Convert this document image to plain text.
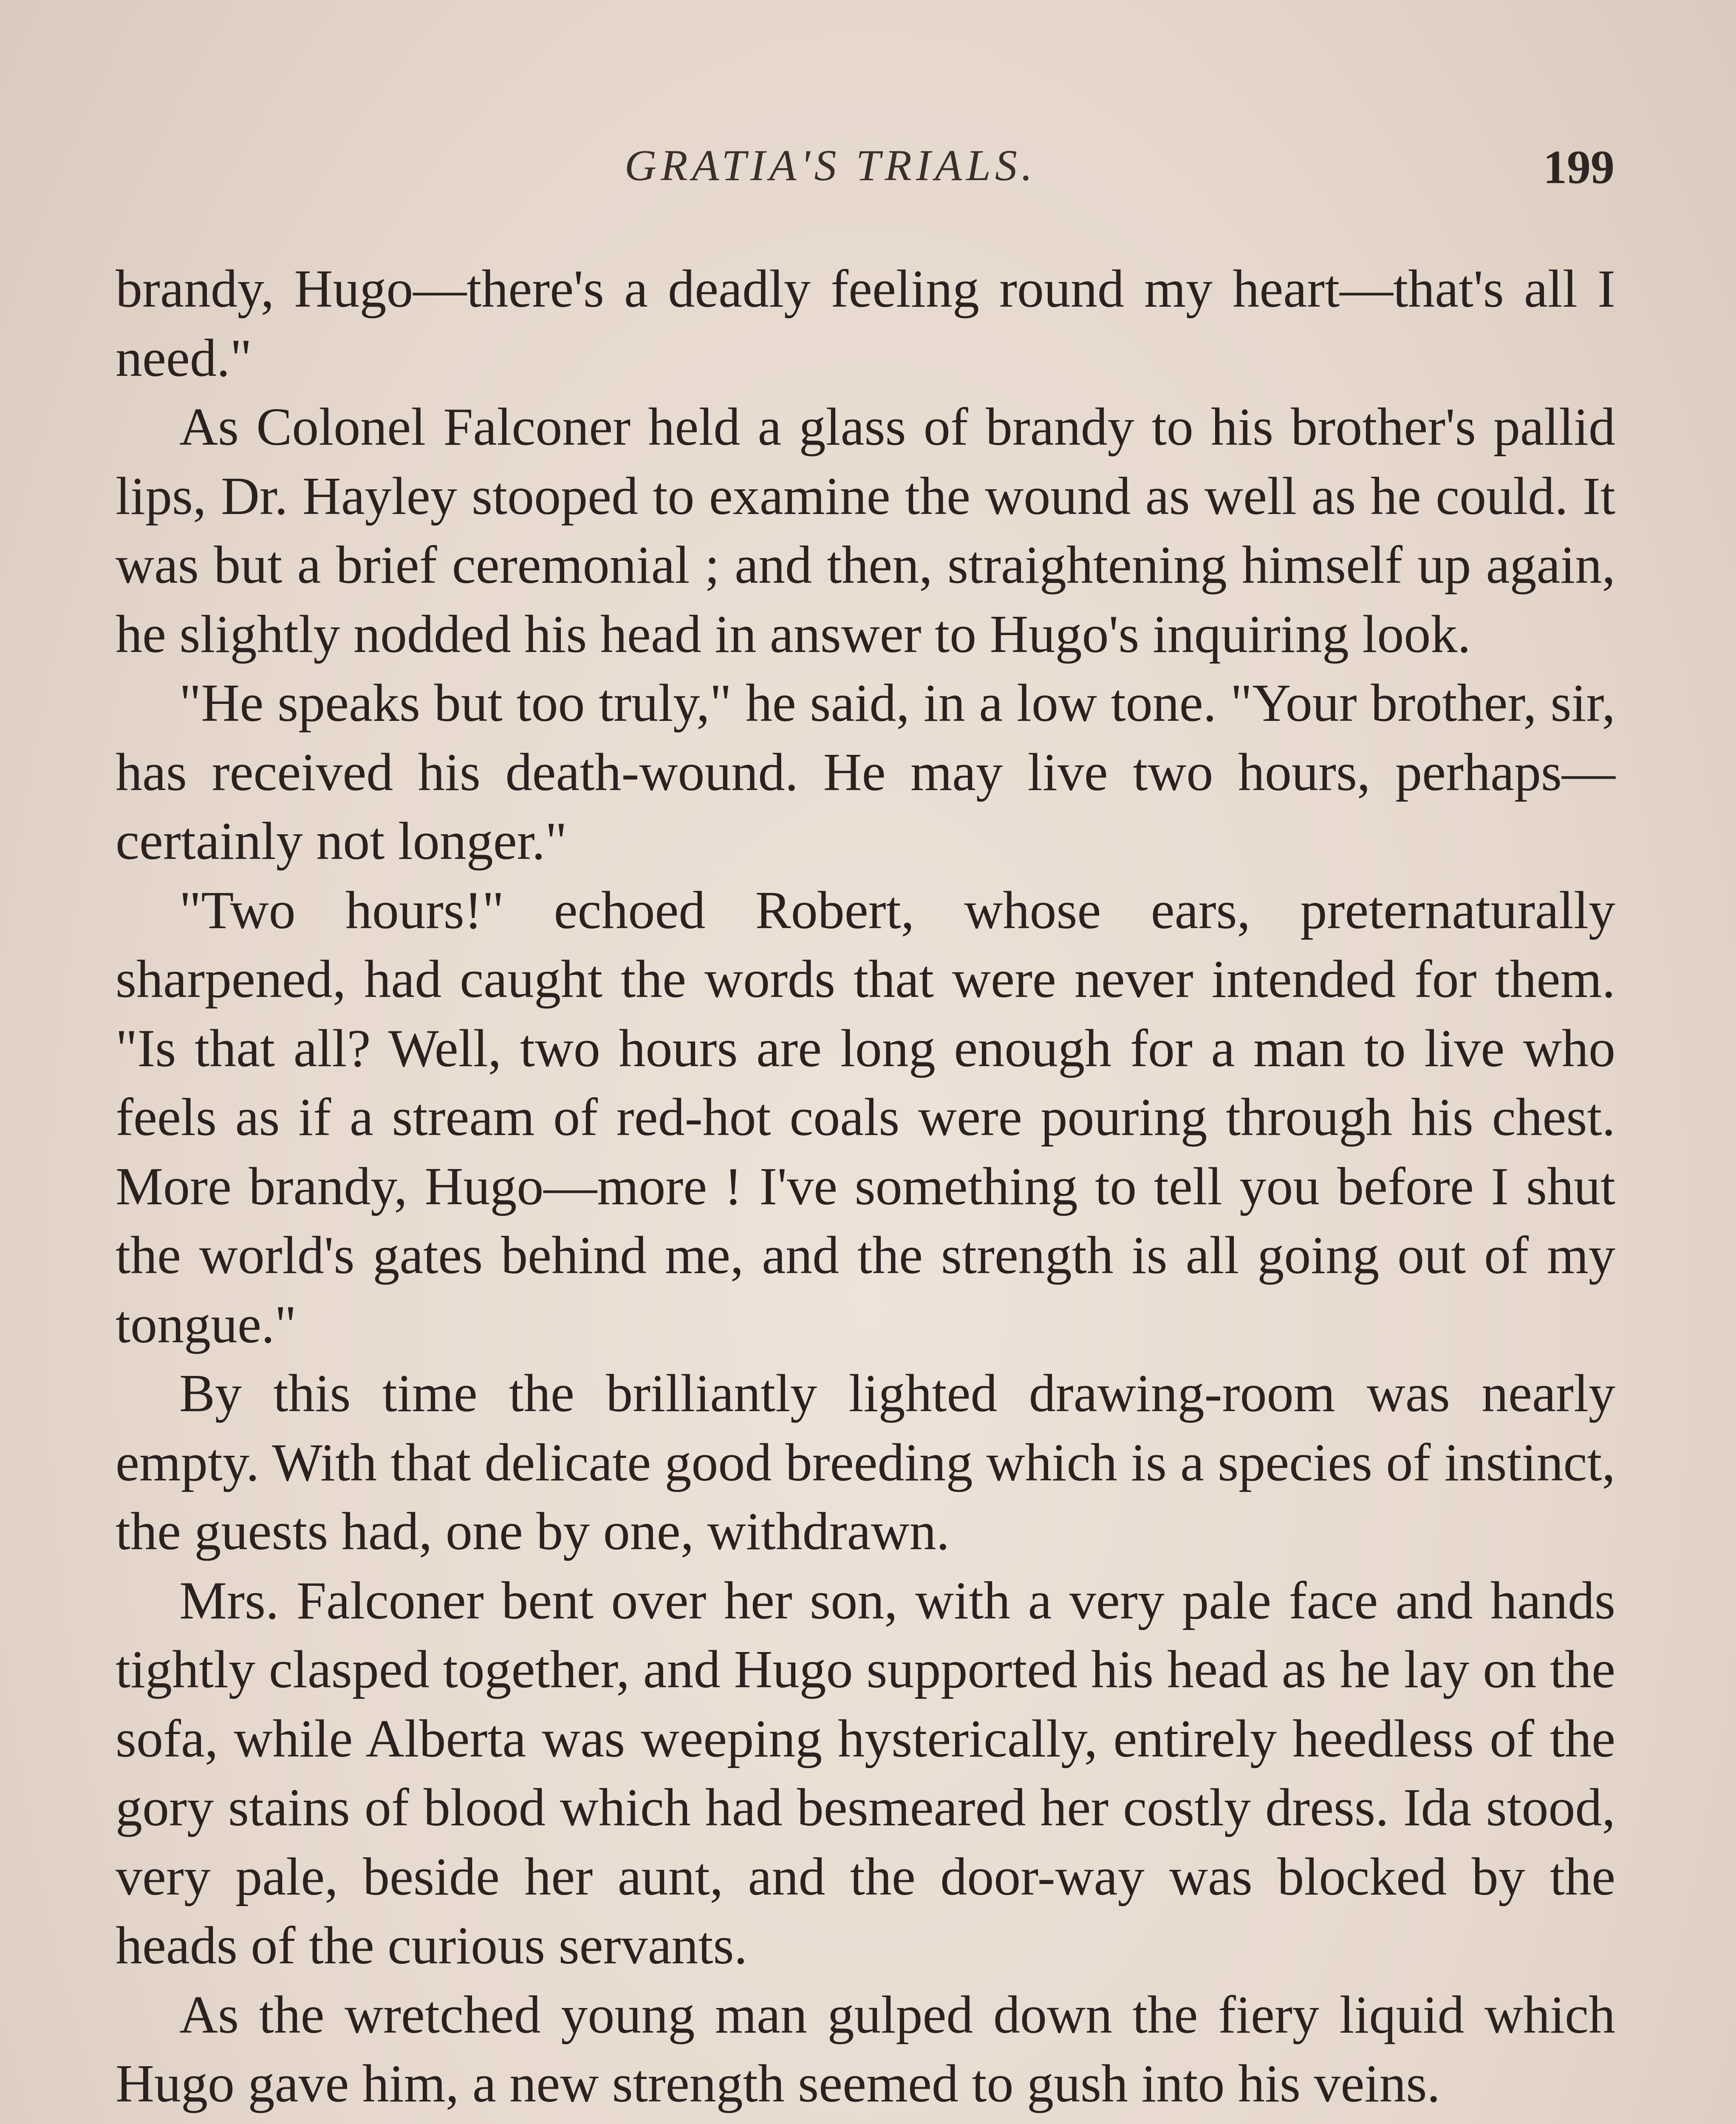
GRATIA'S TRIALS.	199

brandy, Hugo—there's a deadly feeling round my heart—that's all I need."

As Colonel Falconer held a glass of brandy to his brother's pallid lips, Dr. Hayley stooped to examine the wound as well as he could. It was but a brief ceremonial ; and then, straightening himself up again, he slightly nodded his head in answer to Hugo's inquiring look.

"He speaks but too truly," he said, in a low tone. "Your brother, sir, has received his death-wound. He may live two hours, perhaps—certainly not longer."

"Two hours!" echoed Robert, whose ears, preternaturally sharpened, had caught the words that were never intended for them. "Is that all? Well, two hours are long enough for a man to live who feels as if a stream of red-hot coals were pouring through his chest. More brandy, Hugo—more ! I've something to tell you before I shut the world's gates behind me, and the strength is all going out of my tongue."

By this time the brilliantly lighted drawing-room was nearly empty. With that delicate good breeding which is a species of instinct, the guests had, one by one, withdrawn.

Mrs. Falconer bent over her son, with a very pale face and hands tightly clasped together, and Hugo supported his head as he lay on the sofa, while Alberta was weeping hysterically, entirely heedless of the gory stains of blood which had besmeared her costly dress. Ida stood, very pale, beside her aunt, and the door-way was blocked by the heads of the curious servants.

As the wretched young man gulped down the fiery liquid which Hugo gave him, a new strength seemed to gush into his veins.
